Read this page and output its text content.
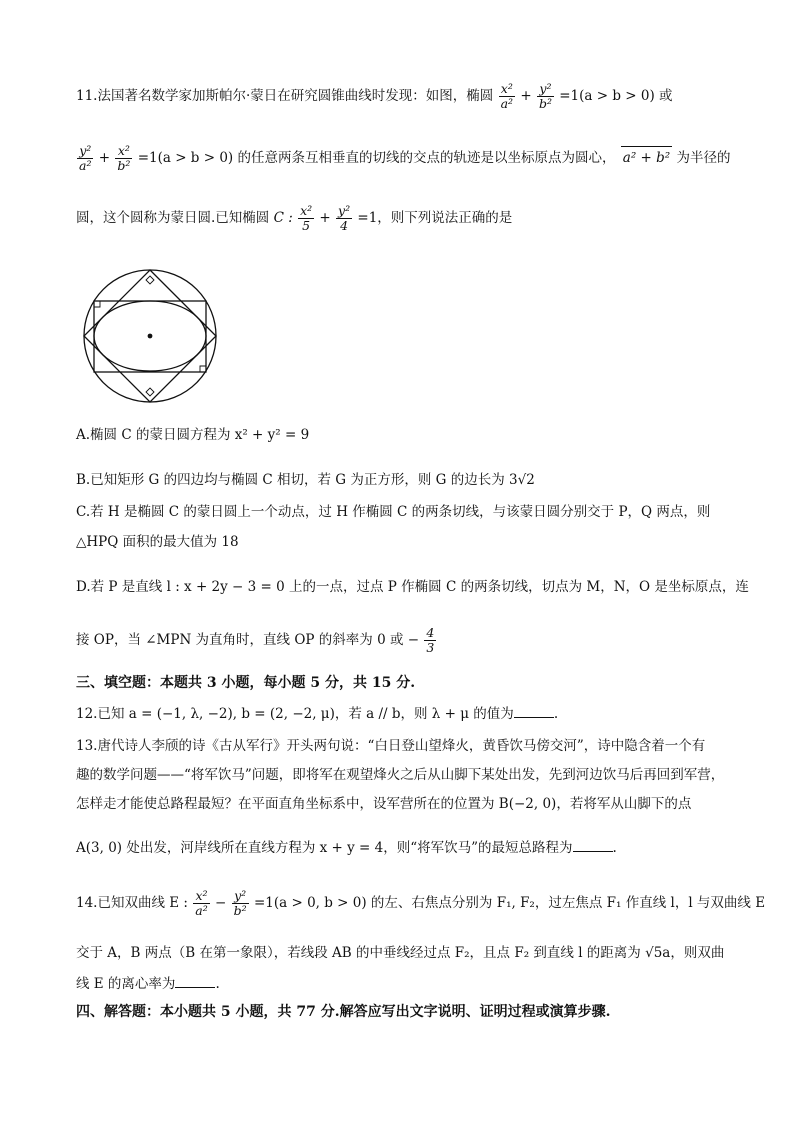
11.法国著名数学家加斯帕尔·蒙日在研究圆锥曲线时发现：如图，椭圆 $\frac{\text{x²}}{\text{a²}} + \frac{\text{y²}}{\text{b²}} =1(a > b > 0)$ 或
$\frac{\text{y²}}{\text{a²}} + \frac{\text{x²}}{\text{b²}} =1(a > b > 0)$ 的任意两条互相垂直的切线的交点的轨迹是以坐标原点为圆心， a² + b² 为半径的
圆，这个圆称为蒙日圆.已知椭圆 C : $\frac{\text{x²}}{5} + \frac{\text{y²}}{4} =1$，则下列说法正确的是
A.椭圆 C 的蒙日圆方程为 x² + y² = 9
B.已知矩形 G 的四边均与椭圆 C 相切，若 G 为正方形，则 G 的边长为 3√2
C.若 H 是椭圆 C 的蒙日圆上一个动点，过 H 作椭圆 C 的两条切线，与该蒙日圆分别交于 P，Q 两点，则
△HPQ 面积的最大值为 18
D.若 P 是直线 l : x + 2y − 3 = 0 上的一点，过点 P 作椭圆 C 的两条切线，切点为 M，N，O 是坐标原点，连
接 OP，当 ∠MPN 为直角时，直线 OP 的斜率为 0 或 − $\frac{4}{3}$
三、填空题：本题共 3 小题，每小题 5 分，共 15 分.
12.已知 a = (−1, λ, −2), b = (2, −2, μ)，若 a // b，则 λ + μ 的值为	.
13.唐代诗人李颀的诗《古从军行》开头两句说：“白日登山望烽火，黄昏饮马傍交河”，诗中隐含着一个有
趣的数学问题——“将军饮马”问题，即将军在观望烽火之后从山脚下某处出发，先到河边饮马后再回到军营，
怎样走才能使总路程最短？在平面直角坐标系中，设军营所在的位置为 B(−2, 0)，若将军从山脚下的点
A(3, 0) 处出发，河岸线所在直线方程为 x + y = 4，则“将军饮马”的最短总路程为	.
14.已知双曲线 E : $\frac{\text{x²}}{\text{a²}} - \frac{\text{y²}}{\text{b²}} =1(a > 0$, b > 0) 的左、右焦点分别为 F₁, F₂，过左焦点 F₁ 作直线 l，l 与双曲线 E
交于 A，B 两点（B 在第一象限），若线段 AB 的中垂线经过点 F₂，且点 F₂ 到直线 l 的距离为 √5a，则双曲
线 E 的离心率为	.
四、解答题：本小题共 5 小题，共 77 分.解答应写出文字说明、证明过程或演算步骤.
